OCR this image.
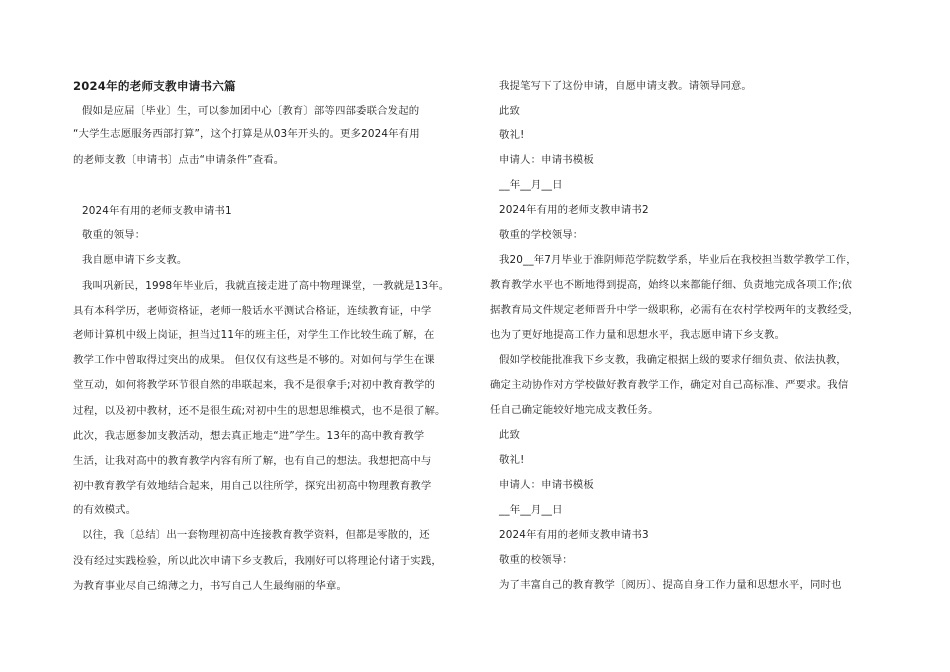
2024年的老师支教申请书六篇
假如是应届〔毕业〕生，可以参加团中心〔教育〕部等四部委联合发起的
“大学生志愿服务西部打算”，这个打算是从03年开头的。更多2024年有用
的老师支教〔申请书〕点击“申请条件”查看。
2024年有用的老师支教申请书1
敬重的领导：
我自愿申请下乡支教。
我叫巩新民，1998年毕业后，我就直接走进了高中物理课堂，一教就是13年。
具有本科学历，老师资格证，老师一般话水平测试合格证，连续教育证，中学
老师计算机中级上岗证，担当过11年的班主任，对学生工作比较生疏了解，在
教学工作中曾取得过突出的成果。 但仅仅有这些是不够的。对如何与学生在课
堂互动，如何将教学环节很自然的串联起来，我不是很拿手;对初中教育教学的
过程，以及初中教材，还不是很生疏;对初中生的思想思维模式，也不是很了解。
此次，我志愿参加支教活动，想去真正地走“进”学生。13年的高中教育教学
生活，让我对高中的教育教学内容有所了解，也有自己的想法。我想把高中与
初中教育教学有效地结合起来，用自己以往所学，探究出初高中物理教育教学
的有效模式。
以往，我〔总结〕出一套物理初高中连接教育教学资料，但都是零散的，还
没有经过实践检验，所以此次申请下乡支教后，我刚好可以将理论付诸于实践，
为教育事业尽自己绵薄之力，书写自己人生最绚丽的华章。
我提笔写下了这份申请，自愿申请支教。请领导同意。
此致
敬礼!
申请人：申请书模板
__年__月__日
2024年有用的老师支教申请书2
敬重的学校领导：
我20__年7月毕业于淮阴师范学院数学系，毕业后在我校担当数学教学工作，
教育教学水平也不断地得到提高，始终以来都能仔细、负责地完成各项工作;依
据教育局文件规定老师晋升中学一级职称，必需有在农村学校两年的支教经受，
也为了更好地提高工作力量和思想水平，我志愿申请下乡支教。
假如学校能批准我下乡支教，我确定根据上级的要求仔细负责、依法执教，
确定主动协作对方学校做好教育教学工作，确定对自己高标准、严要求。我信
任自己确定能较好地完成支教任务。
此致
敬礼!
申请人：申请书模板
__年__月__日
2024年有用的老师支教申请书3
敬重的校领导：
为了丰富自己的教育教学〔阅历〕、提高自身工作力量和思想水平，同时也
